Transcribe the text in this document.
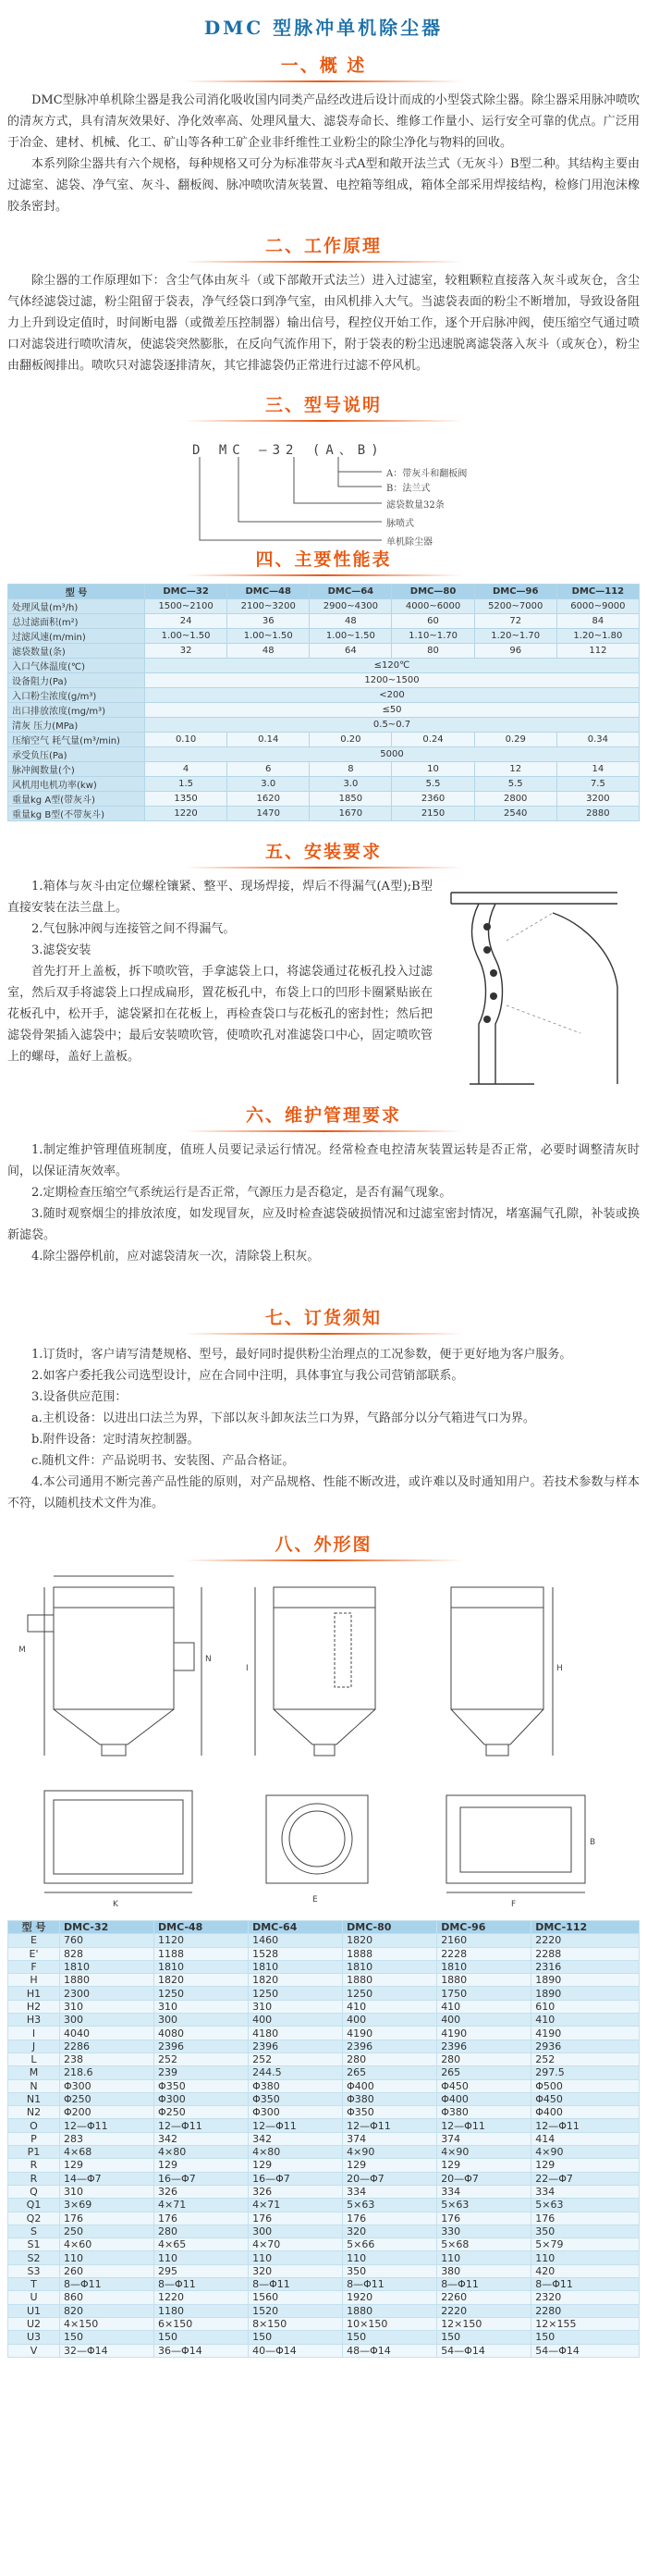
DMC 型脉冲单机除尘器
一、概 述

DMC型脉冲单机除尘器是我公司消化吸收国内同类产品经改进后设计而成的小型袋式除尘器。除尘器采用脉冲喷吹的清灰方式，具有清灰效果好、净化效率高、处理风量大、滤袋寿命长、维修工作量小、运行安全可靠的优点。广泛用于冶金、建材、机械、化工、矿山等各种工矿企业非纤维性工业粉尘的除尘净化与物料的回收。

本系列除尘器共有六个规格，每种规格又可分为标准带灰斗式A型和敞开法兰式（无灰斗）B型二种。其结构主要由过滤室、滤袋、净气室、灰斗、翻板阀、脉冲喷吹清灰装置、电控箱等组成，箱体全部采用焊接结构，检修门用泡沫橡胶条密封。

二、工作原理

除尘器的工作原理如下：含尘气体由灰斗（或下部敞开式法兰）进入过滤室，较粗颗粒直接落入灰斗或灰仓，含尘气体经滤袋过滤，粉尘阻留于袋表，净气经袋口到净气室，由风机排入大气。当滤袋表面的粉尘不断增加，导致设备阻力上升到设定值时，时间断电器（或微差压控制器）输出信号，程控仪开始工作，逐个开启脉冲阀，使压缩空气通过喷口对滤袋进行喷吹清灰，使滤袋突然膨胀，在反向气流作用下，附于袋表的粉尘迅速脱离滤袋落入灰斗（或灰仓），粉尘由翻板阀排出。喷吹只对滤袋逐排清灰，其它排滤袋仍正常进行过滤不停风机。

三、型号说明
D MC —32 (A、B)
A：带灰斗和翻板阀
B：法兰式
滤袋数量32条
脉喷式
单机除尘器
四、主要性能表
型 号	DMC—32	DMC—48	DMC—64	DMC—80	DMC—96	DMC—112
处理风量(m³/h)	1500~2100	2100~3200	2900~4300	4000~6000	5200~7000	6000~9000
总过滤面积(m²)	24	36	48	60	72	84
过滤风速(m/min)	1.00~1.50	1.00~1.50	1.00~1.50	1.10~1.70	1.20~1.70	1.20~1.80
滤袋数量(条)	32	48	64	80	96	112
入口气体温度(℃)	≤120℃					
设备阻力(Pa)	1200~1500					
入口粉尘浓度(g/m³)	<200					
出口排放浓度(mg/m³)	≤50					
清灰 压力(MPa)	0.5~0.7					
压缩空气 耗气量(m³/min)	0.10	0.14	0.20	0.24	0.29	0.34
承受负压(Pa)	5000					
脉冲阀数量(个)	4	6	8	10	12	14
风机用电机功率(kw)	1.5	3.0	3.0	5.5	5.5	7.5
重量kg A型(带灰斗)	1350	1620	1850	2360	2800	3200
重量kg B型(不带灰斗)	1220	1470	1670	2150	2540	2880
五、安装要求

1.箱体与灰斗由定位螺栓镶紧、整平、现场焊接，焊后不得漏气(A型);B型直接安装在法兰盘上。

2.气包脉冲阀与连接管之间不得漏气。

3.滤袋安装

首先打开上盖板，拆下喷吹管，手拿滤袋上口，将滤袋通过花板孔投入过滤室，然后双手将滤袋上口捏成扁形，置花板孔中，布袋上口的凹形卡圈紧贴嵌在花板孔中，松开手，滤袋紧扣在花板上，再检查袋口与花板孔的密封性；然后把滤袋骨架插入滤袋中；最后安装喷吹管，使喷吹孔对准滤袋口中心，固定喷吹管上的螺母，盖好上盖板。

六、维护管理要求

1.制定维护管理值班制度，值班人员要记录运行情况。经常检查电控清灰装置运转是否正常，必要时调整清灰时间，以保证清灰效率。

2.定期检查压缩空气系统运行是否正常，气源压力是否稳定，是否有漏气现象。

3.随时观察烟尘的排放浓度，如发现冒灰，应及时检查滤袋破损情况和过滤室密封情况，堵塞漏气孔隙，补装或换新滤袋。

4.除尘器停机前，应对滤袋清灰一次，清除袋上积灰。

七、订货须知

1.订货时，客户请写清楚规格、型号，最好同时提供粉尘治理点的工况参数，便于更好地为客户服务。

2.如客户委托我公司选型设计，应在合同中注明，具体事宜与我公司营销部联系。

3.设备供应范围：

a.主机设备：以进出口法兰为界，下部以灰斗卸灰法兰口为界，气路部分以分气箱进气口为界。

b.附件设备：定时清灰控制器。

c.随机文件：产品说明书、安装图、产品合格证。

4.本公司通用不断完善产品性能的原则，对产品规格、性能不断改进，或许难以及时通知用户。若技术参数与样本不符，以随机技术文件为准。

八、外形图
M
N
I	H
K	E	F
B
型 号	DMC-32	DMC-48	DMC-64	DMC-80	DMC-96	DMC-112
E	760	1120	1460	1820	2160	2220
E'	828	1188	1528	1888	2228	2288
F	1810	1810	1810	1810	1810	2316
H	1880	1820	1820	1880	1880	1890
H1	2300	1250	1250	1250	1750	1890
H2	310	310	310	410	410	610
H3	300	300	400	400	400	410
I	4040	4080	4180	4190	4190	4190
J	2286	2396	2396	2396	2396	2936
L	238	252	252	280	280	252
M	218.6	239	244.5	265	265	297.5
N	Φ300	Φ350	Φ380	Φ400	Φ450	Φ500
N1	Φ250	Φ300	Φ350	Φ380	Φ400	Φ450
N2	Φ200	Φ250	Φ300	Φ350	Φ380	Φ400
O	12—Φ11	12—Φ11	12—Φ11	12—Φ11	12—Φ11	12—Φ11
P	283	342	342	374	374	414
P1	4×68	4×80	4×80	4×90	4×90	4×90
R	129	129	129	129	129	129
R	14—Φ7	16—Φ7	16—Φ7	20—Φ7	20—Φ7	22—Φ7
Q	310	326	326	334	334	334
Q1	3×69	4×71	4×71	5×63	5×63	5×63
Q2	176	176	176	176	176	176
S	250	280	300	320	330	350
S1	4×60	4×65	4×70	5×66	5×68	5×79
S2	110	110	110	110	110	110
S3	260	295	320	350	380	420
T	8—Φ11	8—Φ11	8—Φ11	8—Φ11	8—Φ11	8—Φ11
U	860	1220	1560	1920	2260	2320
U1	820	1180	1520	1880	2220	2280
U2	4×150	6×150	8×150	10×150	12×150	12×155
U3	150	150	150	150	150	150
V	32—Φ14	36—Φ14	40—Φ14	48—Φ14	54—Φ14	54—Φ14
